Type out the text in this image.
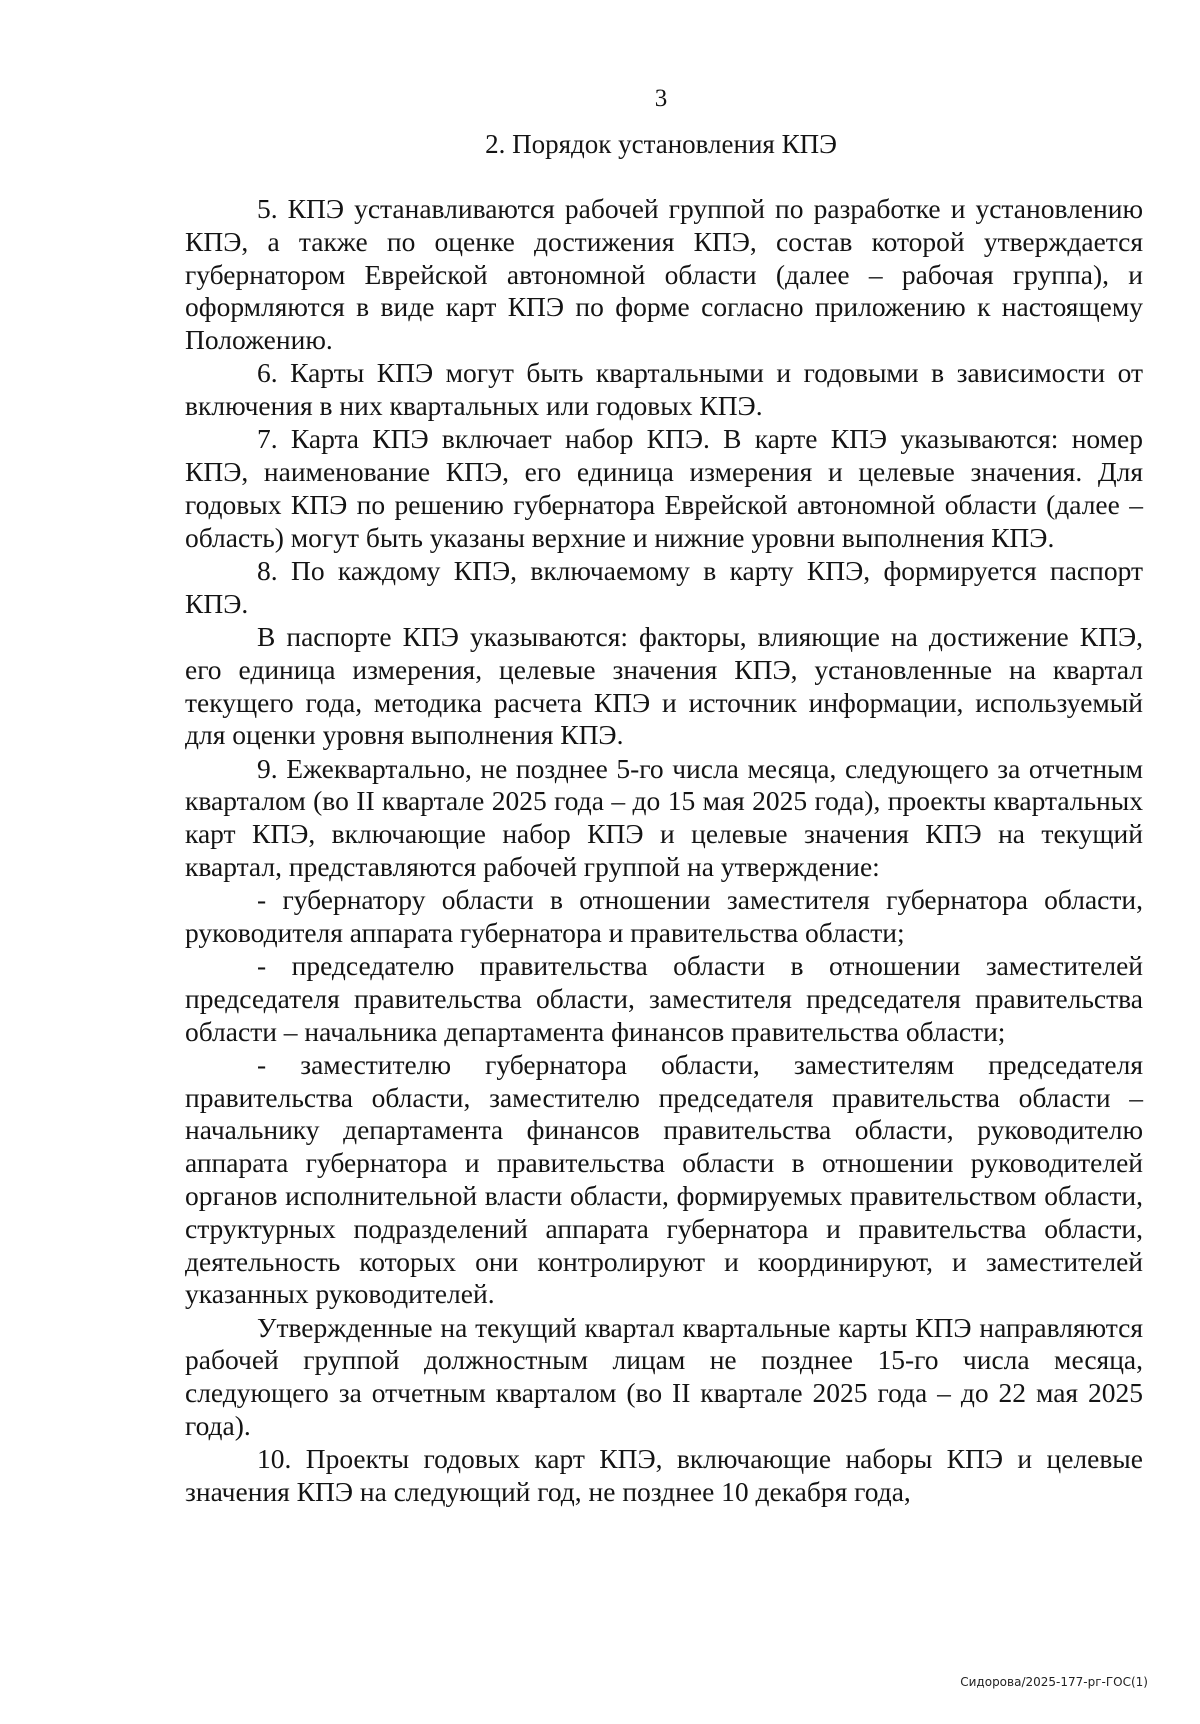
3
2. Порядок установления КПЭ

5. КПЭ устанавливаются рабочей группой по разработке и установлению КПЭ, а также по оценке достижения КПЭ, состав которой утверждается губернатором Еврейской автономной области (далее – рабочая группа), и оформляются в виде карт КПЭ по форме согласно приложению к настоящему Положению.

6. Карты КПЭ могут быть квартальными и годовыми в зависимости от включения в них квартальных или годовых КПЭ.

7. Карта КПЭ включает набор КПЭ. В карте КПЭ указываются: номер КПЭ, наименование КПЭ, его единица измерения и целевые значения. Для годовых КПЭ по решению губернатора Еврейской автономной области (далее – область) могут быть указаны верхние и нижние уровни выполнения КПЭ.

8. По каждому КПЭ, включаемому в карту КПЭ, формируется паспорт КПЭ.

В паспорте КПЭ указываются: факторы, влияющие на достижение КПЭ, его единица измерения, целевые значения КПЭ, установленные на квартал текущего года, методика расчета КПЭ и источник информации, используемый для оценки уровня выполнения КПЭ.

9. Ежеквартально, не позднее 5-го числа месяца, следующего за отчетным кварталом (во II квартале 2025 года – до 15 мая 2025 года), проекты квартальных карт КПЭ, включающие набор КПЭ и целевые значения КПЭ на текущий квартал, представляются рабочей группой на утверждение:

- губернатору области в отношении заместителя губернатора области, руководителя аппарата губернатора и правительства области;

- председателю правительства области в отношении заместителей председателя правительства области, заместителя председателя правительства области – начальника департамента финансов правительства области;

- заместителю губернатора области, заместителям председателя правительства области, заместителю председателя правительства области – начальнику департамента финансов правительства области, руководителю аппарата губернатора и правительства области в отношении руководителей органов исполнительной власти области, формируемых правительством области, структурных подразделений аппарата губернатора и правительства области, деятельность которых они контролируют и координируют, и заместителей указанных руководителей.

Утвержденные на текущий квартал квартальные карты КПЭ направляются рабочей группой должностным лицам не позднее 15-го числа месяца, следующего за отчетным кварталом (во II квартале 2025 года – до 22 мая 2025 года).

10. Проекты годовых карт КПЭ, включающие наборы КПЭ и целевые значения КПЭ на следующий год, не позднее 10 декабря года,

Сидорова/2025-177-рг-ГОС(1)
